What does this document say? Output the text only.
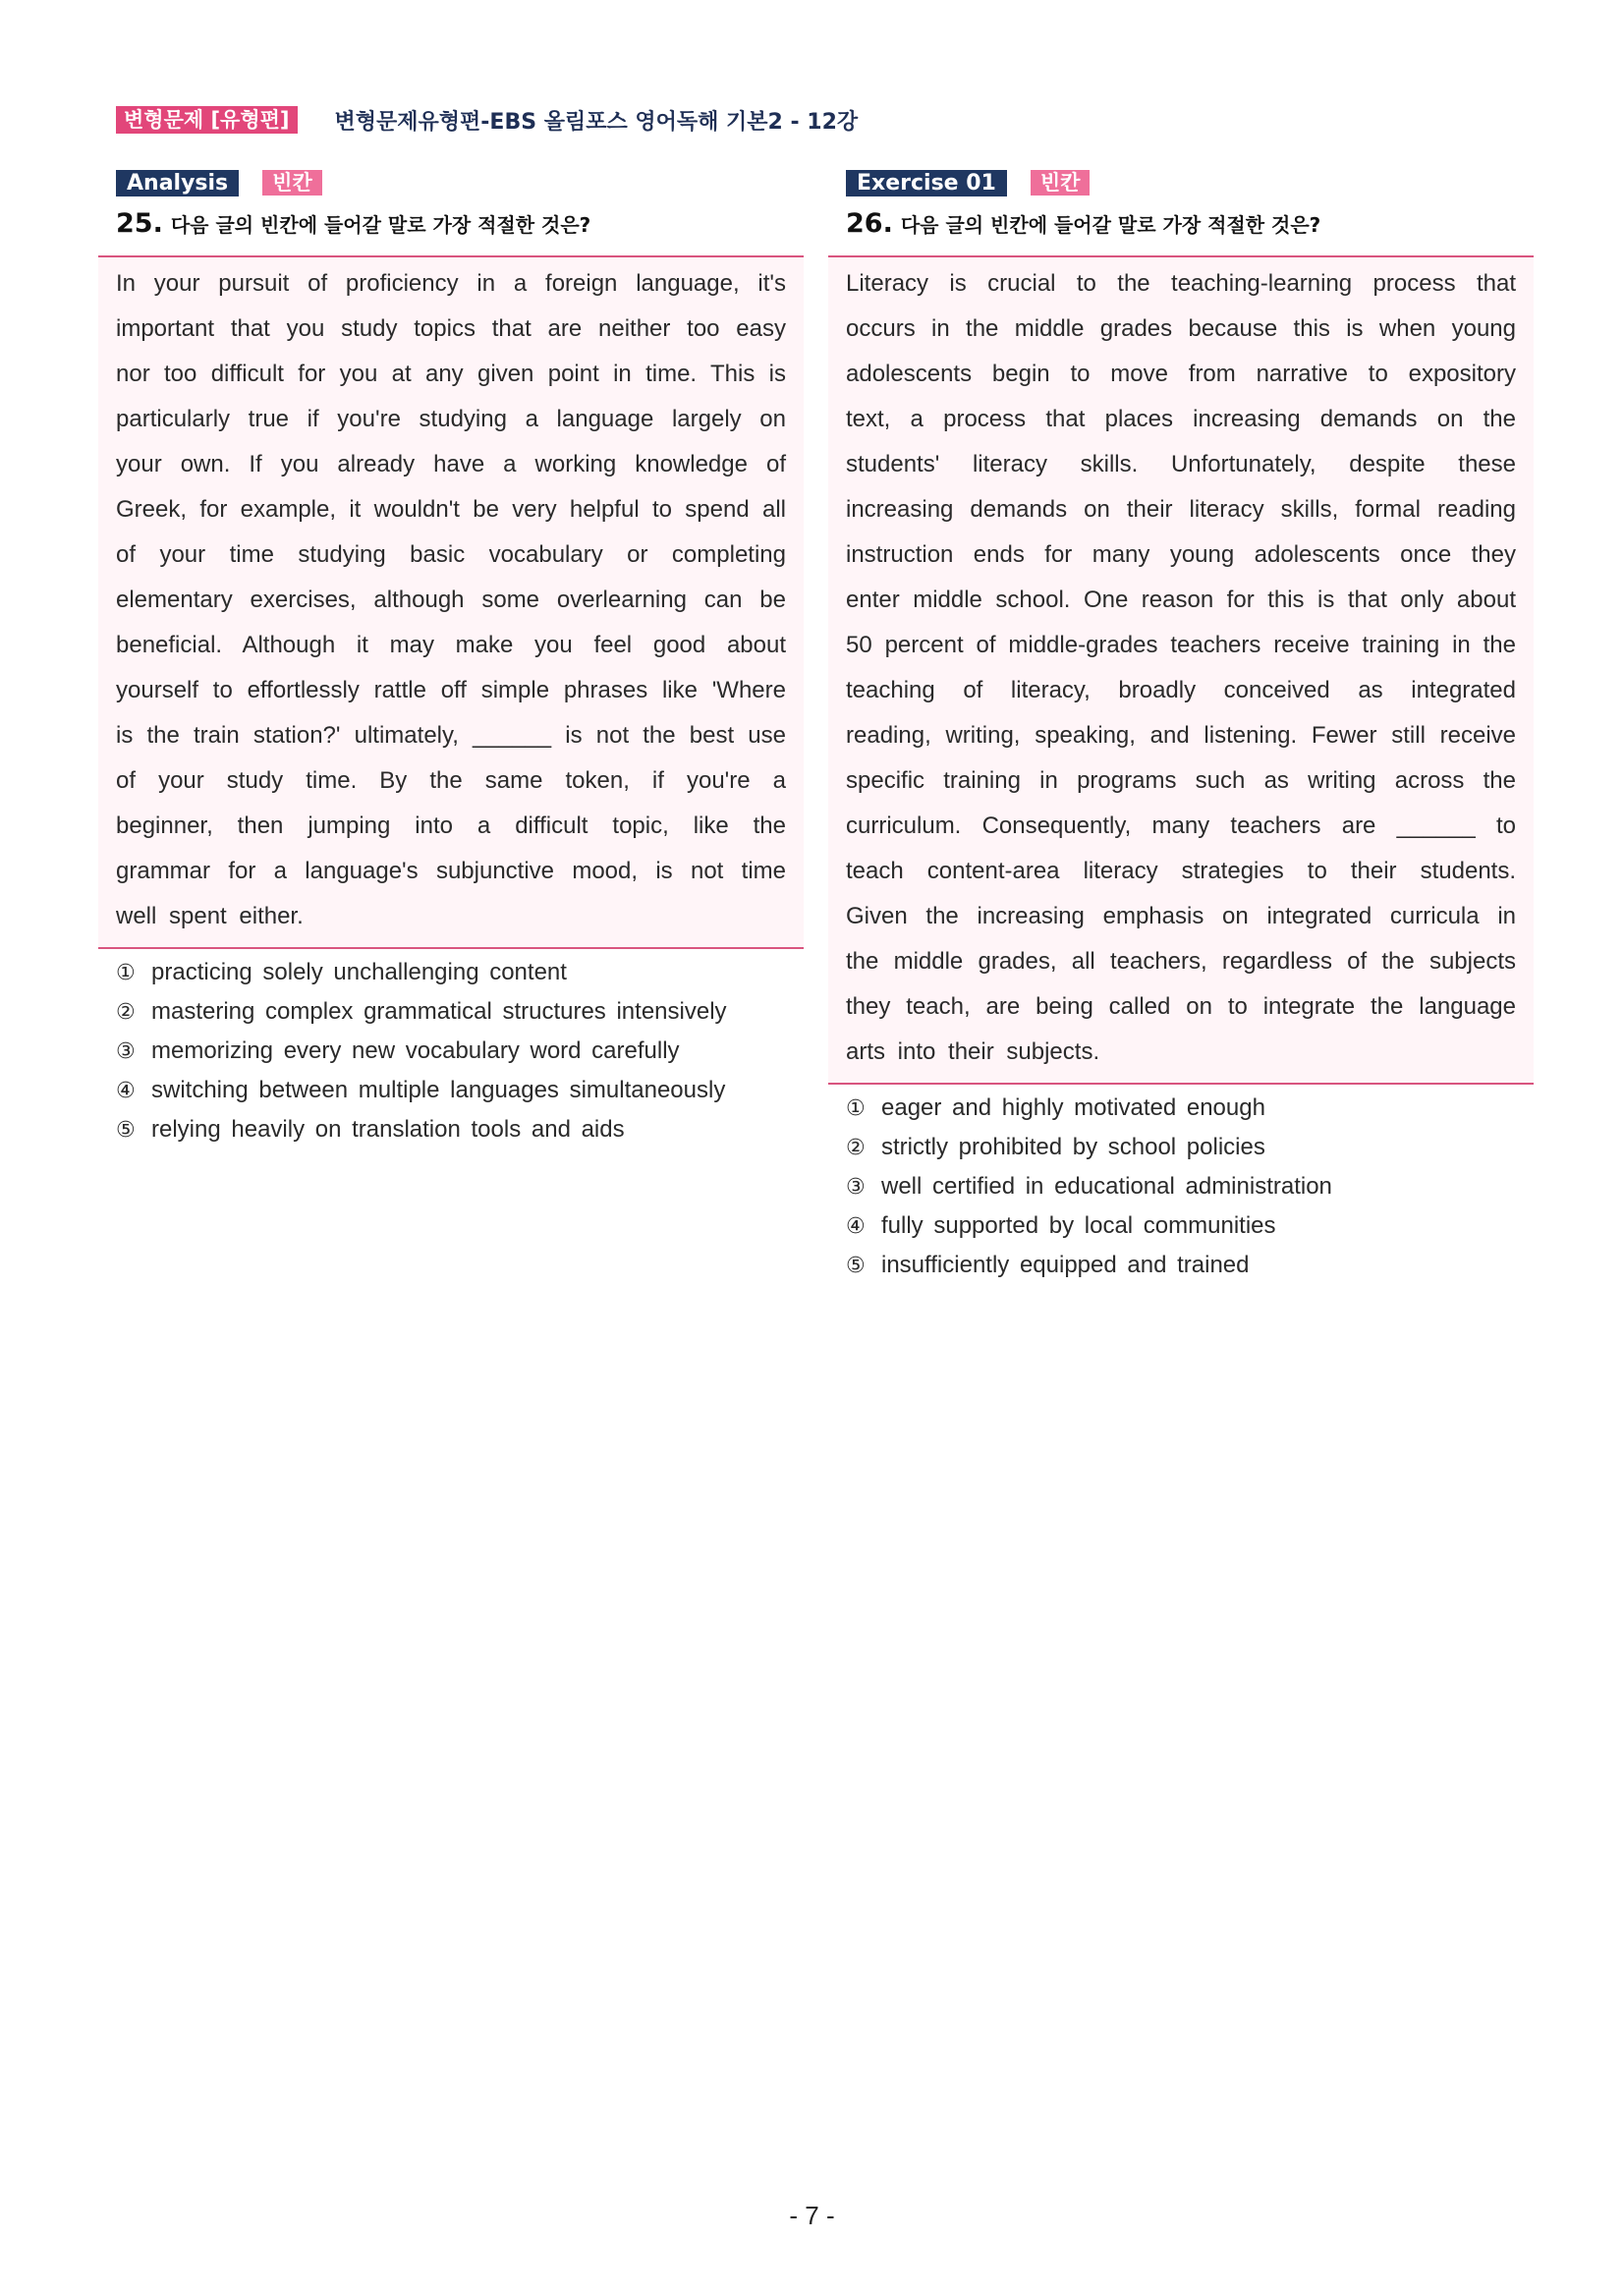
변형문제 [유형편]	변형문제유형편-EBS 올림포스 영어독해 기본2 - 12강
Analysis	빈칸
25. 다음 글의 빈칸에 들어갈 말로 가장 적절한 것은?
In your pursuit of proficiency in a foreign language, it's important that you study topics that are neither too easy nor too difficult for you at any given point in time. This is particularly true if you're studying a language largely on your own. If you already have a working knowledge of Greek, for example, it wouldn't be very helpful to spend all of your time studying basic vocabulary or completing elementary exercises, although some overlearning can be beneficial. Although it may make you feel good about yourself to effortlessly rattle off simple phrases like 'Where is the train station?' ultimately, ______ is not the best use of your study time. By the same token, if you're a beginner, then jumping into a difficult topic, like the grammar for a language's subjunctive mood, is not time well spent either.
① practicing solely unchallenging content
② mastering complex grammatical structures intensively
③ memorizing every new vocabulary word carefully
④ switching between multiple languages simultaneously
⑤ relying heavily on translation tools and aids
Exercise 01	빈칸
26. 다음 글의 빈칸에 들어갈 말로 가장 적절한 것은?
Literacy is crucial to the teaching-learning process that occurs in the middle grades because this is when young adolescents begin to move from narrative to expository text, a process that places increasing demands on the students' literacy skills. Unfortunately, despite these increasing demands on their literacy skills, formal reading instruction ends for many young adolescents once they enter middle school. One reason for this is that only about 50 percent of middle-grades teachers receive training in the teaching of literacy, broadly conceived as integrated reading, writing, speaking, and listening. Fewer still receive specific training in programs such as writing across the curriculum. Consequently, many teachers are ______ to teach content-area literacy strategies to their students. Given the increasing emphasis on integrated curricula in the middle grades, all teachers, regardless of the subjects they teach, are being called on to integrate the language arts into their subjects.
① eager and highly motivated enough
② strictly prohibited by school policies
③ well certified in educational administration
④ fully supported by local communities
⑤ insufficiently equipped and trained
- 7 -
